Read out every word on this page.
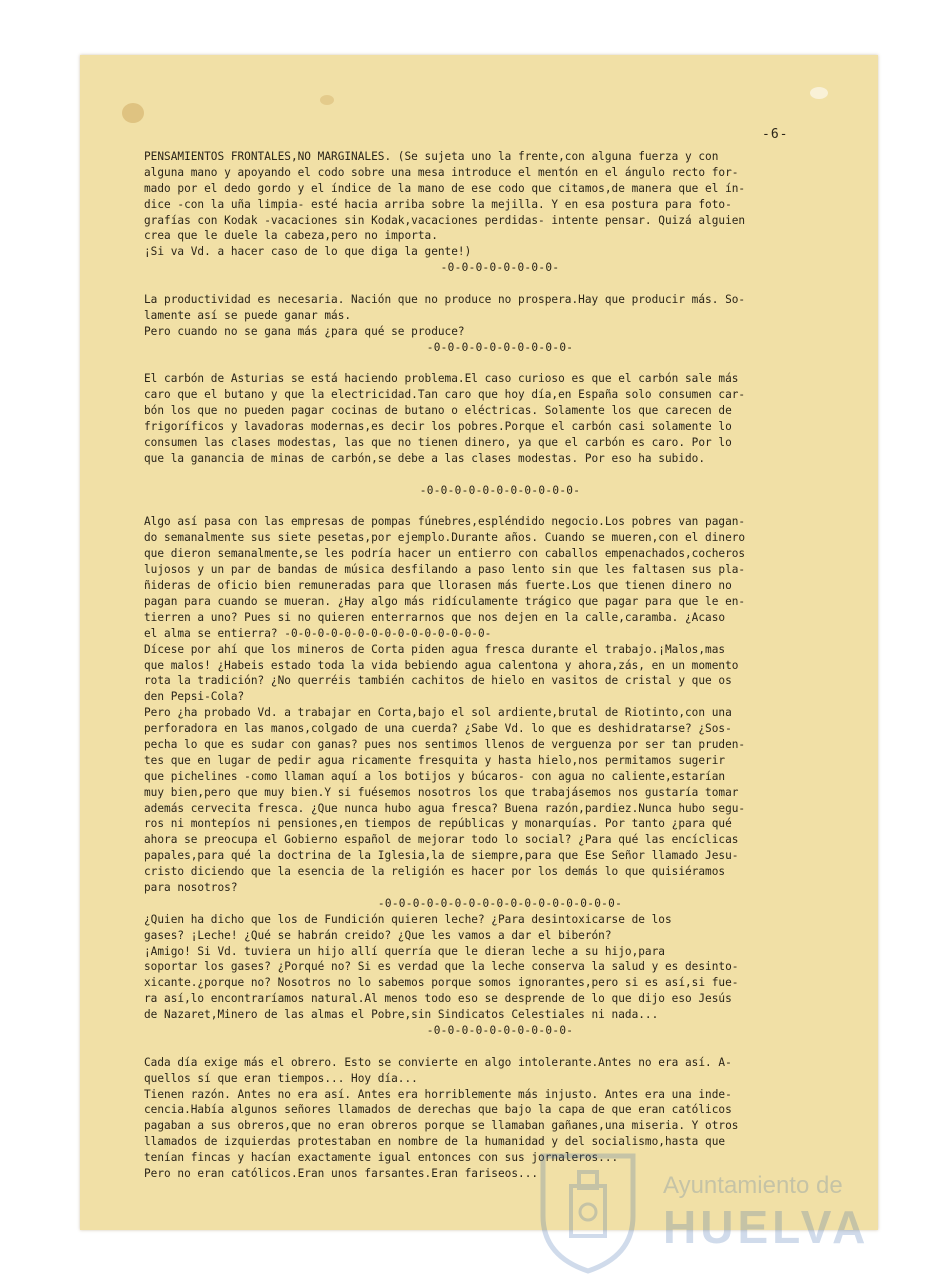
-6-
PENSAMIENTOS FRONTALES,NO MARGINALES. (Se sujeta uno la frente,con alguna fuerza y con
alguna mano y apoyando el codo sobre una mesa introduce el mentón en el ángulo recto for-
mado por el dedo gordo y el índice de la mano de ese codo que citamos,de manera que el ín-
dice -con la uña limpia- esté hacia arriba sobre la mejilla. Y en esa postura para foto-
grafías con Kodak -vacaciones sin Kodak,vacaciones perdidas- intente pensar. Quizá alguien
crea que le duele la cabeza,pero no importa.
¡Si va Vd. a hacer caso de lo que diga la gente!)
-0-0-0-0-0-0-0-0-
La productividad es necesaria. Nación que no produce no prospera.Hay que producir más. So-
lamente así se puede ganar más.
Pero cuando no se gana más ¿para qué se produce?
-0-0-0-0-0-0-0-0-0-0-
El carbón de Asturias se está haciendo problema.El caso curioso es que el carbón sale más
caro que el butano y que la electricidad.Tan caro que hoy día,en España solo consumen car-
bón los que no pueden pagar cocinas de butano o eléctricas. Solamente los que carecen de
frigoríficos y lavadoras modernas,es decir los pobres.Porque el carbón casi solamente lo
consumen las clases modestas, las que no tienen dinero, ya que el carbón es caro. Por lo
que la ganancia de minas de carbón,se debe a las clases modestas. Por eso ha subido.
-0-0-0-0-0-0-0-0-0-0-0-
Algo así pasa con las empresas de pompas fúnebres,espléndido negocio.Los pobres van pagan-
do semanalmente sus siete pesetas,por ejemplo.Durante años. Cuando se mueren,con el dinero
que dieron semanalmente,se les podría hacer un entierro con caballos empenachados,cocheros
lujosos y un par de bandas de música desfilando a paso lento sin que les faltasen sus pla-
ñideras de oficio bien remuneradas para que llorasen más fuerte.Los que tienen dinero no
pagan para cuando se mueran. ¿Hay algo más ridículamente trágico que pagar para que le en-
tierren a uno? Pues si no quieren enterrarnos que nos dejen en la calle,caramba. ¿Acaso
el alma se entierra? -0-0-0-0-0-0-0-0-0-0-0-0-0-0-0-
Dícese por ahí que los mineros de Corta piden agua fresca durante el trabajo.¡Malos,mas
que malos! ¿Habeis estado toda la vida bebiendo agua calentona y ahora,zás, en un momento
rota la tradición? ¿No querréis también cachitos de hielo en vasitos de cristal y que os
den Pepsi-Cola?
Pero ¿ha probado Vd. a trabajar en Corta,bajo el sol ardiente,brutal de Riotinto,con una
perforadora en las manos,colgado de una cuerda? ¿Sabe Vd. lo que es deshidratarse? ¿Sos-
pecha lo que es sudar con ganas? pues nos sentimos llenos de verguenza por ser tan pruden-
tes que en lugar de pedir agua ricamente fresquita y hasta hielo,nos permitamos sugerir
que pichelines -como llaman aquí a los botijos y búcaros- con agua no caliente,estarían
muy bien,pero que muy bien.Y si fuésemos nosotros los que trabajásemos nos gustaría tomar
además cervecita fresca. ¿Que nunca hubo agua fresca? Buena razón,pardiez.Nunca hubo segu-
ros ni montepíos ni pensiones,en tiempos de repúblicas y monarquías. Por tanto ¿para qué
ahora se preocupa el Gobierno español de mejorar todo lo social? ¿Para qué las encíclicas
papales,para qué la doctrina de la Iglesia,la de siempre,para que Ese Señor llamado Jesu-
cristo diciendo que la esencia de la religión es hacer por los demás lo que quisiéramos
para nosotros?
-0-0-0-0-0-0-0-0-0-0-0-0-0-0-0-0-0-
¿Quien ha dicho que los de Fundición quieren leche? ¿Para desintoxicarse de los
gases? ¡Leche! ¿Qué se habrán creido? ¿Que les vamos a dar el biberón?
¡Amigo! Si Vd. tuviera un hijo allí querría que le dieran leche a su hijo,para
soportar los gases? ¿Porqué no? Si es verdad que la leche conserva la salud y es desinto-
xicante.¿porque no? Nosotros no lo sabemos porque somos ignorantes,pero si es así,si fue-
ra así,lo encontraríamos natural.Al menos todo eso se desprende de lo que dijo eso Jesús
de Nazaret,Minero de las almas el Pobre,sin Sindicatos Celestiales ni nada...
-0-0-0-0-0-0-0-0-0-0-
Cada día exige más el obrero. Esto se convierte en algo intolerante.Antes no era así. A-
quellos sí que eran tiempos... Hoy día...
Tienen razón. Antes no era así. Antes era horriblemente más injusto. Antes era una inde-
cencia.Había algunos señores llamados de derechas que bajo la capa de que eran católicos
pagaban a sus obreros,que no eran obreros porque se llamaban gañanes,una miseria. Y otros
llamados de izquierdas protestaban en nombre de la humanidad y del socialismo,hasta que
tenían fincas y hacían exactamente igual entonces con sus jornaleros...
Pero no eran católicos.Eran unos farsantes.Eran fariseos...	Ayuntamiento de
HUELVA
